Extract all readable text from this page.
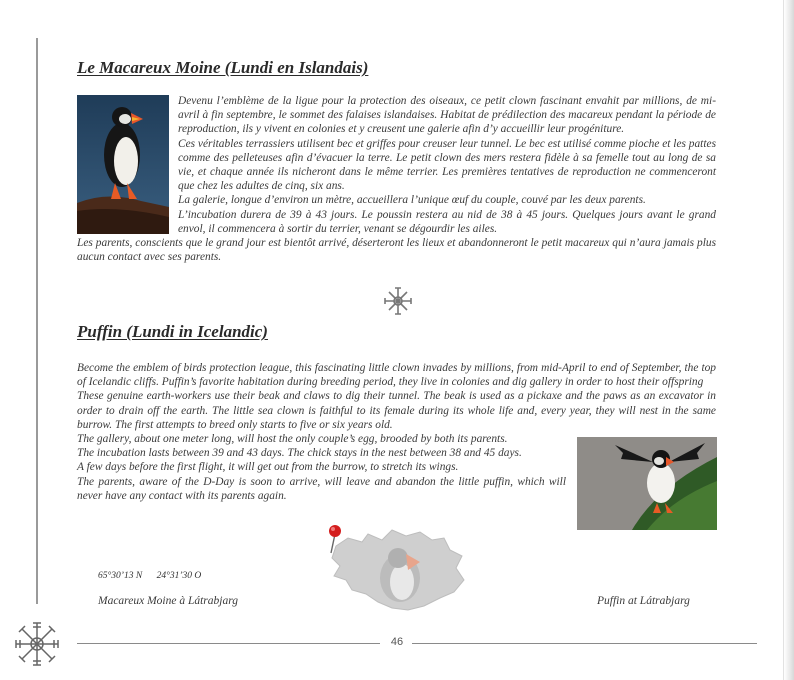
Le Macareux Moine (Lundi en Islandais)

Devenu l’emblème de la ligue pour la protection des oiseaux, ce petit clown fascinant envahit par millions, de mi-avril à fin septembre, le sommet des falaises islandaises. Habitat de prédilection des macareux pendant la période de reproduction, ils y vivent en colonies et y creusent une galerie afin d’y accueillir leur progéniture.

Ces véritables terrassiers utilisent bec et griffes pour creuser leur tunnel. Le bec est utilisé comme pioche et les pattes comme des pelleteuses afin d’évacuer la terre. Le petit clown des mers restera fidèle à sa femelle tout au long de sa vie, et chaque année ils nicheront dans le même terrier. Les premières tentatives de reproduction ne commenceront que chez les adultes de cinq, six ans.

La galerie, longue d’environ un mètre, accueillera l’unique œuf du couple, couvé par les deux parents.

L’incubation durera de 39 à 43 jours. Le poussin restera au nid de 38 à 45 jours. Quelques jours avant le grand envol, il commencera à sortir du terrier, venant se dégourdir les ailes.

Les parents, conscients que le grand jour est bientôt arrivé, déserteront les lieux et abandonneront le petit macareux qui n’aura jamais plus aucun contact avec ses parents.

Puffin (Lundi in Icelandic)

Become the emblem of birds protection league, this fascinating little clown invades by millions, from mid-April to end of September, the top of Icelandic cliffs. Puffin’s favorite habitation during breeding period, they live in colonies and dig gallery in order to host their offspring

These genuine earth-workers use their beak and claws to dig their tunnel. The beak is used as a pickaxe and the paws as an excavator in order to drain off the earth. The little sea clown is faithful to its female during its whole life and, every year, they will nest in the same burrow. The first attempts to breed only starts to five or six years old.

The gallery, about one meter long, will host the only couple’s egg, brooded by both its parents.

The incubation lasts between 39 and 43 days. The chick stays in the nest between 38 and 45 days.

A few days before the first flight, it will get out from the burrow, to stretch its wings.

The parents, aware of the D-Day is soon to arrive, will leave and abandon the little puffin, which will never have any contact with its parents again.

65°30’13 N 24°31’30 O
Macareux Moine à Látrabjarg	Puffin at Látrabjarg
46
